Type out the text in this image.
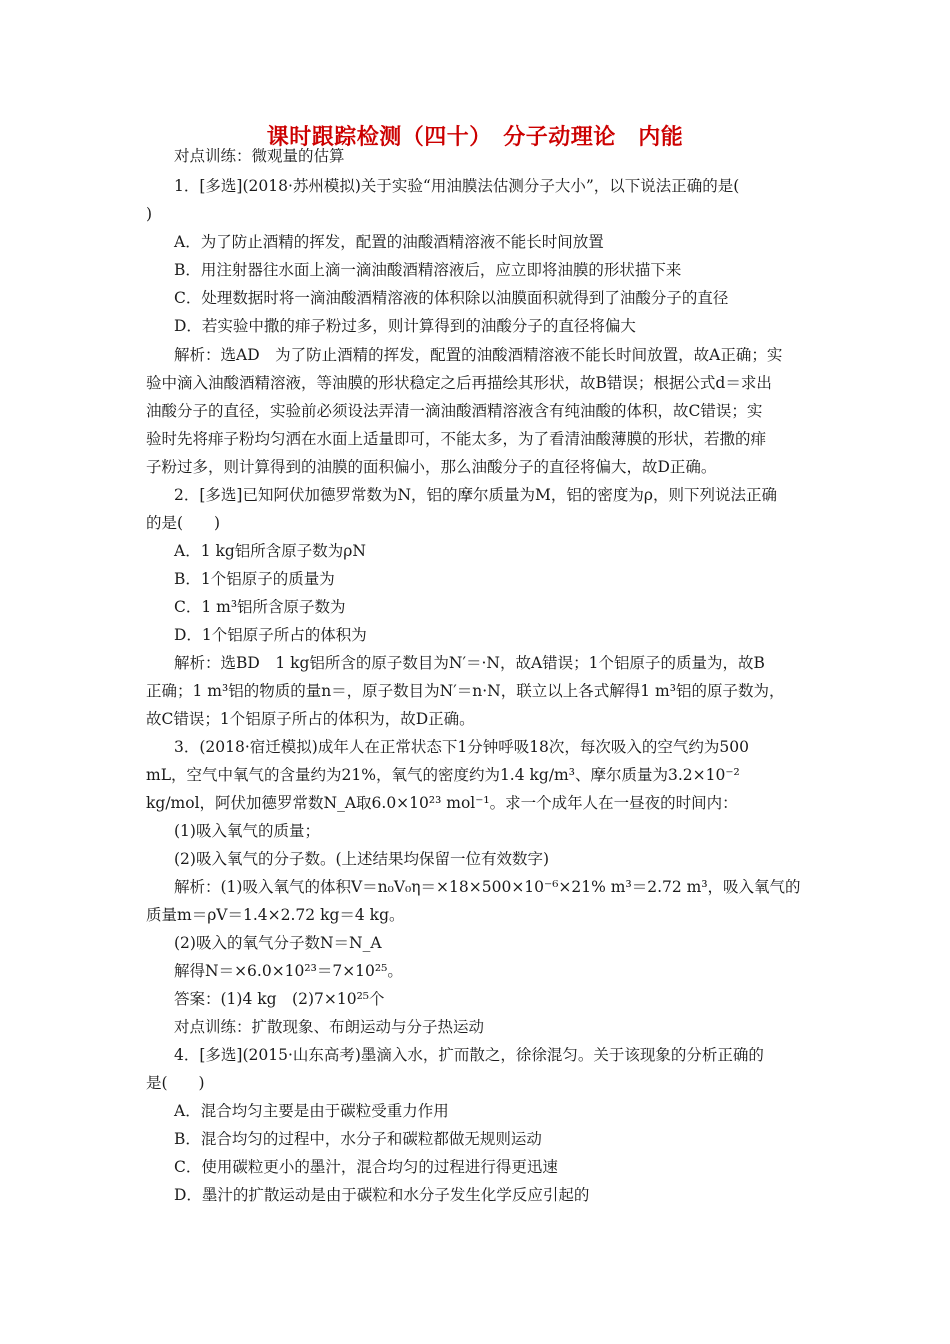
课时跟踪检测（四十）　分子动理论　内能
对点训练：微观量的估算
1．[多选](2018·苏州模拟)关于实验“用油膜法估测分子大小”，以下说法正确的是(
)
A．为了防止酒精的挥发，配置的油酸酒精溶液不能长时间放置
B．用注射器往水面上滴一滴油酸酒精溶液后，应立即将油膜的形状描下来
C．处理数据时将一滴油酸酒精溶液的体积除以油膜面积就得到了油酸分子的直径
D．若实验中撒的痱子粉过多，则计算得到的油酸分子的直径将偏大
解析：选AD　为了防止酒精的挥发，配置的油酸酒精溶液不能长时间放置，故A正确；实
验中滴入油酸酒精溶液，等油膜的形状稳定之后再描绘其形状，故B错误；根据公式d＝求出
油酸分子的直径，实验前必须设法弄清一滴油酸酒精溶液含有纯油酸的体积，故C错误；实
验时先将痱子粉均匀洒在水面上适量即可，不能太多，为了看清油酸薄膜的形状，若撒的痱
子粉过多，则计算得到的油膜的面积偏小，那么油酸分子的直径将偏大，故D正确。
2．[多选]已知阿伏加德罗常数为N，铝的摩尔质量为M，铝的密度为ρ，则下列说法正确
的是(　　)
A．1 kg铝所含原子数为ρN
B．1个铝原子的质量为
C．1 m³铝所含原子数为
D．1个铝原子所占的体积为
解析：选BD　1 kg铝所含的原子数目为N′＝·N，故A错误；1个铝原子的质量为，故B
正确；1 m³铝的物质的量n＝，原子数目为N′＝n·N，联立以上各式解得1 m³铝的原子数为，
故C错误；1个铝原子所占的体积为，故D正确。
3．(2018·宿迁模拟)成年人在正常状态下1分钟呼吸18次，每次吸入的空气约为500
mL，空气中氧气的含量约为21%，氧气的密度约为1.4 kg/m³、摩尔质量为3.2×10⁻²
kg/mol，阿伏加德罗常数N_A取6.0×10²³ mol⁻¹。求一个成年人在一昼夜的时间内：
(1)吸入氧气的质量；
(2)吸入氧气的分子数。(上述结果均保留一位有效数字)
解析：(1)吸入氧气的体积V＝n₀V₀η＝×18×500×10⁻⁶×21% m³＝2.72 m³，吸入氧气的
质量m＝ρV＝1.4×2.72 kg＝4 kg。
(2)吸入的氧气分子数N＝N_A
解得N＝×6.0×10²³＝7×10²⁵。
答案：(1)4 kg　(2)7×10²⁵个
对点训练：扩散现象、布朗运动与分子热运动
4．[多选](2015·山东高考)墨滴入水，扩而散之，徐徐混匀。关于该现象的分析正确的
是(　　)
A．混合均匀主要是由于碳粒受重力作用
B．混合均匀的过程中，水分子和碳粒都做无规则运动
C．使用碳粒更小的墨汁，混合均匀的过程进行得更迅速
D．墨汁的扩散运动是由于碳粒和水分子发生化学反应引起的
